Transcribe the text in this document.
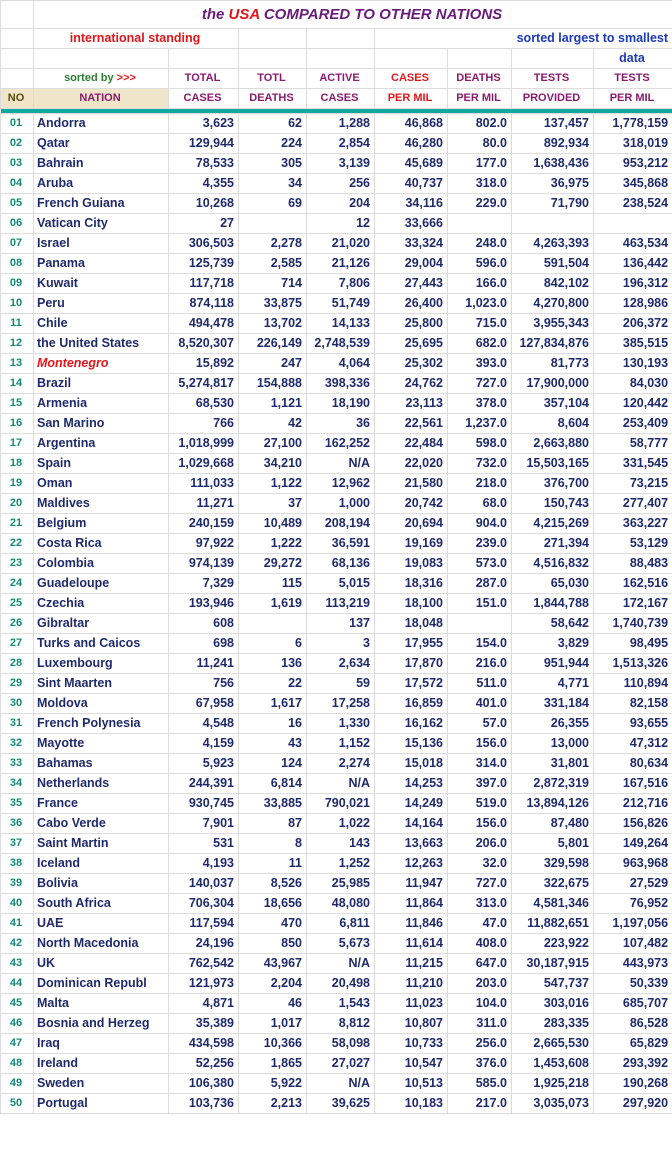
	the USA COMPARED TO OTHER NATIONS							
	international standing				sorted largest to smallest			
								data
	sorted by >>>	TOTAL	TOTL	ACTIVE	CASES	DEATHS	TESTS	TESTS
NO	NATION	CASES	DEATHS	CASES	PER MIL	PER MIL	PROVIDED	PER MIL

01	Andorra	3,623	62	1,288	46,868	802.0	137,457	1,778,159
02	Qatar	129,944	224	2,854	46,280	80.0	892,934	318,019
03	Bahrain	78,533	305	3,139	45,689	177.0	1,638,436	953,212
04	Aruba	4,355	34	256	40,737	318.0	36,975	345,868
05	French Guiana	10,268	69	204	34,116	229.0	71,790	238,524
06	Vatican City	27		12	33,666			
07	Israel	306,503	2,278	21,020	33,324	248.0	4,263,393	463,534
08	Panama	125,739	2,585	21,126	29,004	596.0	591,504	136,442
09	Kuwait	117,718	714	7,806	27,443	166.0	842,102	196,312
10	Peru	874,118	33,875	51,749	26,400	1,023.0	4,270,800	128,986
11	Chile	494,478	13,702	14,133	25,800	715.0	3,955,343	206,372
12	the United States	8,520,307	226,149	2,748,539	25,695	682.0	127,834,876	385,515
13	Montenegro	15,892	247	4,064	25,302	393.0	81,773	130,193
14	Brazil	5,274,817	154,888	398,336	24,762	727.0	17,900,000	84,030
15	Armenia	68,530	1,121	18,190	23,113	378.0	357,104	120,442
16	San Marino	766	42	36	22,561	1,237.0	8,604	253,409
17	Argentina	1,018,999	27,100	162,252	22,484	598.0	2,663,880	58,777
18	Spain	1,029,668	34,210	N/A	22,020	732.0	15,503,165	331,545
19	Oman	111,033	1,122	12,962	21,580	218.0	376,700	73,215
20	Maldives	11,271	37	1,000	20,742	68.0	150,743	277,407
21	Belgium	240,159	10,489	208,194	20,694	904.0	4,215,269	363,227
22	Costa Rica	97,922	1,222	36,591	19,169	239.0	271,394	53,129
23	Colombia	974,139	29,272	68,136	19,083	573.0	4,516,832	88,483
24	Guadeloupe	7,329	115	5,015	18,316	287.0	65,030	162,516
25	Czechia	193,946	1,619	113,219	18,100	151.0	1,844,788	172,167
26	Gibraltar	608		137	18,048		58,642	1,740,739
27	Turks and Caicos	698	6	3	17,955	154.0	3,829	98,495
28	Luxembourg	11,241	136	2,634	17,870	216.0	951,944	1,513,326
29	Sint Maarten	756	22	59	17,572	511.0	4,771	110,894
30	Moldova	67,958	1,617	17,258	16,859	401.0	331,184	82,158
31	French Polynesia	4,548	16	1,330	16,162	57.0	26,355	93,655
32	Mayotte	4,159	43	1,152	15,136	156.0	13,000	47,312
33	Bahamas	5,923	124	2,274	15,018	314.0	31,801	80,634
34	Netherlands	244,391	6,814	N/A	14,253	397.0	2,872,319	167,516
35	France	930,745	33,885	790,021	14,249	519.0	13,894,126	212,716
36	Cabo Verde	7,901	87	1,022	14,164	156.0	87,480	156,826
37	Saint Martin	531	8	143	13,663	206.0	5,801	149,264
38	Iceland	4,193	11	1,252	12,263	32.0	329,598	963,968
39	Bolivia	140,037	8,526	25,985	11,947	727.0	322,675	27,529
40	South Africa	706,304	18,656	48,080	11,864	313.0	4,581,346	76,952
41	UAE	117,594	470	6,811	11,846	47.0	11,882,651	1,197,056
42	North Macedonia	24,196	850	5,673	11,614	408.0	223,922	107,482
43	UK	762,542	43,967	N/A	11,215	647.0	30,187,915	443,973
44	Dominican Republ	121,973	2,204	20,498	11,210	203.0	547,737	50,339
45	Malta	4,871	46	1,543	11,023	104.0	303,016	685,707
46	Bosnia and Herzeg	35,389	1,017	8,812	10,807	311.0	283,335	86,528
47	Iraq	434,598	10,366	58,098	10,733	256.0	2,665,530	65,829
48	Ireland	52,256	1,865	27,027	10,547	376.0	1,453,608	293,392
49	Sweden	106,380	5,922	N/A	10,513	585.0	1,925,218	190,268
50	Portugal	103,736	2,213	39,625	10,183	217.0	3,035,073	297,920
